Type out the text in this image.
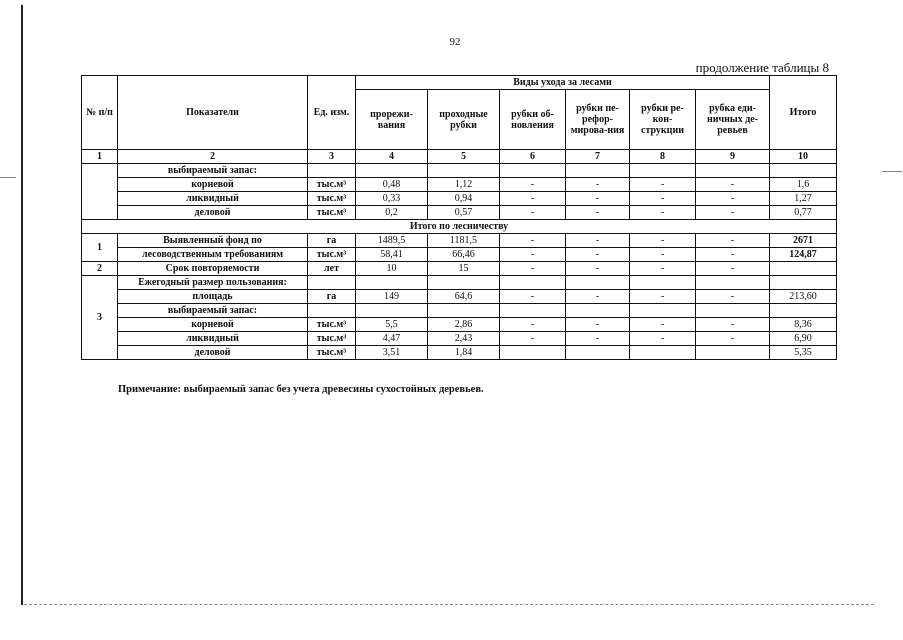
92
продолжение таблицы 8
№ п/п	Показатели	Ед. изм.	Виды ухода за лесами						Итого
			прорежи-вания	проходные рубки	рубки об-новления	рубки пе-рефор-мирова-ния	рубки ре-кон-струкции	рубка еди-ничных де-ревьев	
1	2	3	4	5	6	7	8	9	10
	выбираемый запас:								
	корневой	тыс.м³	0,48	1,12	-	-	-	-	1,6
	ликвидный	тыс.м³	0,33	0,94	-	-	-	-	1,27
	деловой	тыс.м³	0,2	0,57	-	-	-	-	0,77
Итого по лесничеству									
1	Выявленный фонд по	га	1489,5	1181,5	-	-	-	-	2671
	лесоводственным требованиям	тыс.м³	58,41	66,46	-	-	-	-	124,87
2	Срок повторяемости	лет	10	15	-	-	-	-	
3	Ежегодный размер пользования:								
	площадь	га	149	64,6	-	-	-	-	213,60
	выбираемый запас:								
	корневой	тыс.м³	5,5	2,86	-	-	-	-	8,36
	ликвидный	тыс.м³	4,47	2,43	-	-	-	-	6,90
	деловой	тыс.м³	3,51	1,84					5,35
Примечание: выбираемый запас без учета древесины сухостойных деревьев.
